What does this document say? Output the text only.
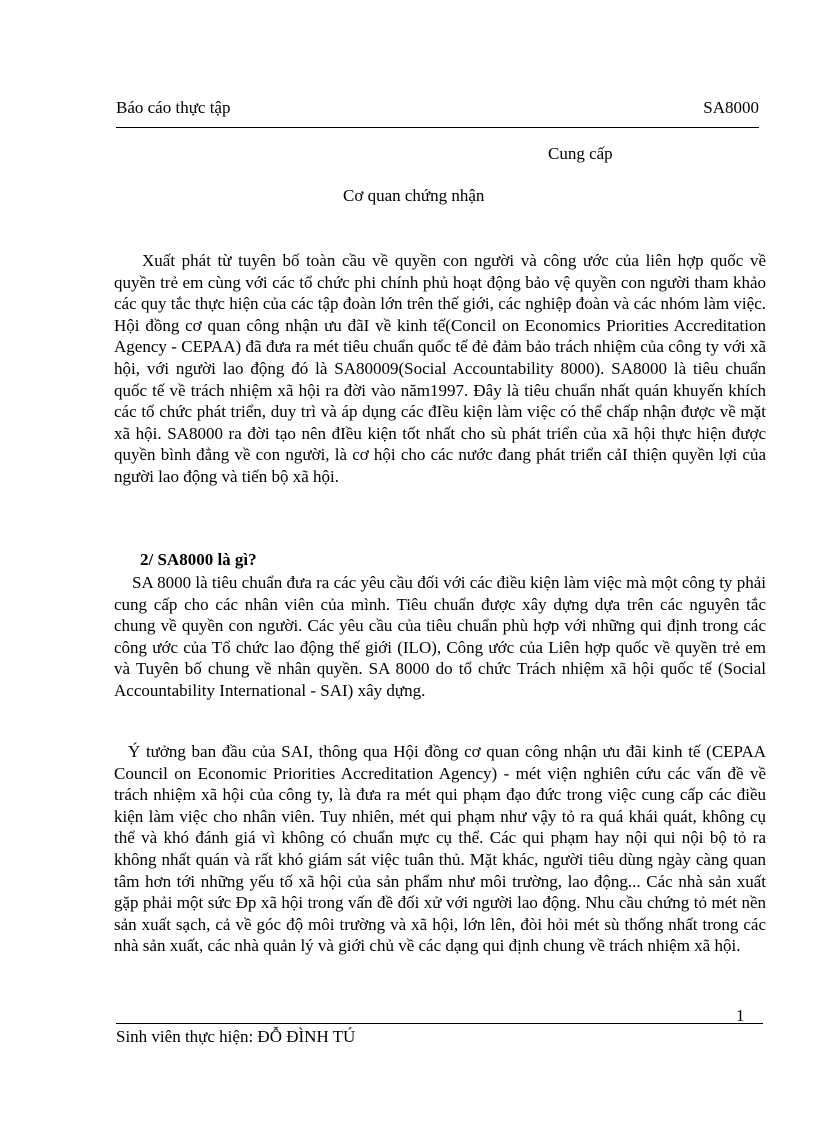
Báo cáo thực tập	SA8000
Cung cấp
Cơ quan chứng nhận

Xuất phát từ tuyên bố toàn cầu về quyền con người và công ước của liên hợp quốc về quyền trẻ em cùng với các tổ chức phi chính phủ hoạt động bảo vệ quyền con người tham khảo các quy tắc thực hiện của các tập đoàn lớn trên thế giới, các nghiệp đoàn và các nhóm làm việc. Hội đồng cơ quan công nhận ưu đãI về kinh tế(Concil on Economics Priorities Accreditation Agency - CEPAA) đã đưa ra mét tiêu chuẩn quốc tế đẻ đảm bảo trách nhiệm của công ty với xã hội, với người lao động đó là SA80009(Social Accountability 8000). SA8000 là tiêu chuẩn quốc tế về trách nhiệm xã hội ra đời vào năm1997. Đây là tiêu chuẩn nhất quán khuyến khích các tổ chức phát triển, duy trì và áp dụng các đIều kiện làm việc có thể chấp nhận được về mặt xã hội. SA8000 ra đời tạo nên đIều kiện tốt nhất cho sù phát triển của xã hội thực hiện được quyền bình đẳng về con người, là cơ hội cho các nước đang phát triển cảI thiện quyền lợi của người lao động và tiến bộ xã hội.

2/ SA8000 là gì?

SA 8000 là tiêu chuẩn đưa ra các yêu cầu đối với các điều kiện làm việc mà một công ty phải cung cấp cho các nhân viên của mình. Tiêu chuẩn được xây dựng dựa trên các nguyên tắc chung về quyền con người. Các yêu cầu của tiêu chuẩn phù hợp với những qui định trong các công ước của Tổ chức lao động thế giới (ILO), Công ước của Liên hợp quốc về quyền trẻ em và Tuyên bố chung về nhân quyền. SA 8000 do tổ chức Trách nhiệm xã hội quốc tế (Social Accountability International - SAI) xây dựng.

Ý tưởng ban đầu của SAI, thông qua Hội đồng cơ quan công nhận ưu đãi kinh tế (CEPAA Council on Economic Priorities Accreditation Agency) - mét viện nghiên cứu các vấn đề về trách nhiệm xã hội của công ty, là đưa ra mét qui phạm đạo đức trong việc cung cấp các điều kiện làm việc cho nhân viên. Tuy nhiên, mét qui phạm như vậy tỏ ra quá khái quát, không cụ thể và khó đánh giá vì không có chuẩn mực cụ thể. Các qui phạm hay nội qui nội bộ tỏ ra không nhất quán và rất khó giám sát việc tuân thủ. Mặt khác, người tiêu dùng ngày càng quan tâm hơn tới những yếu tố xã hội của sản phẩm như môi trường, lao động... Các nhà sản xuất gặp phải một sức Ðp xã hội trong vấn đề đối xử với người lao động. Nhu cầu chứng tỏ mét nền sản xuất sạch, cả về góc độ môi trường và xã hội, lớn lên, đòi hỏi mét sù thống nhất trong các nhà sản xuất, các nhà quản lý và giới chủ về các dạng qui định chung về trách nhiệm xã hội.

1
Sinh viên thực hiện: ĐỖ ĐÌNH TÚ
